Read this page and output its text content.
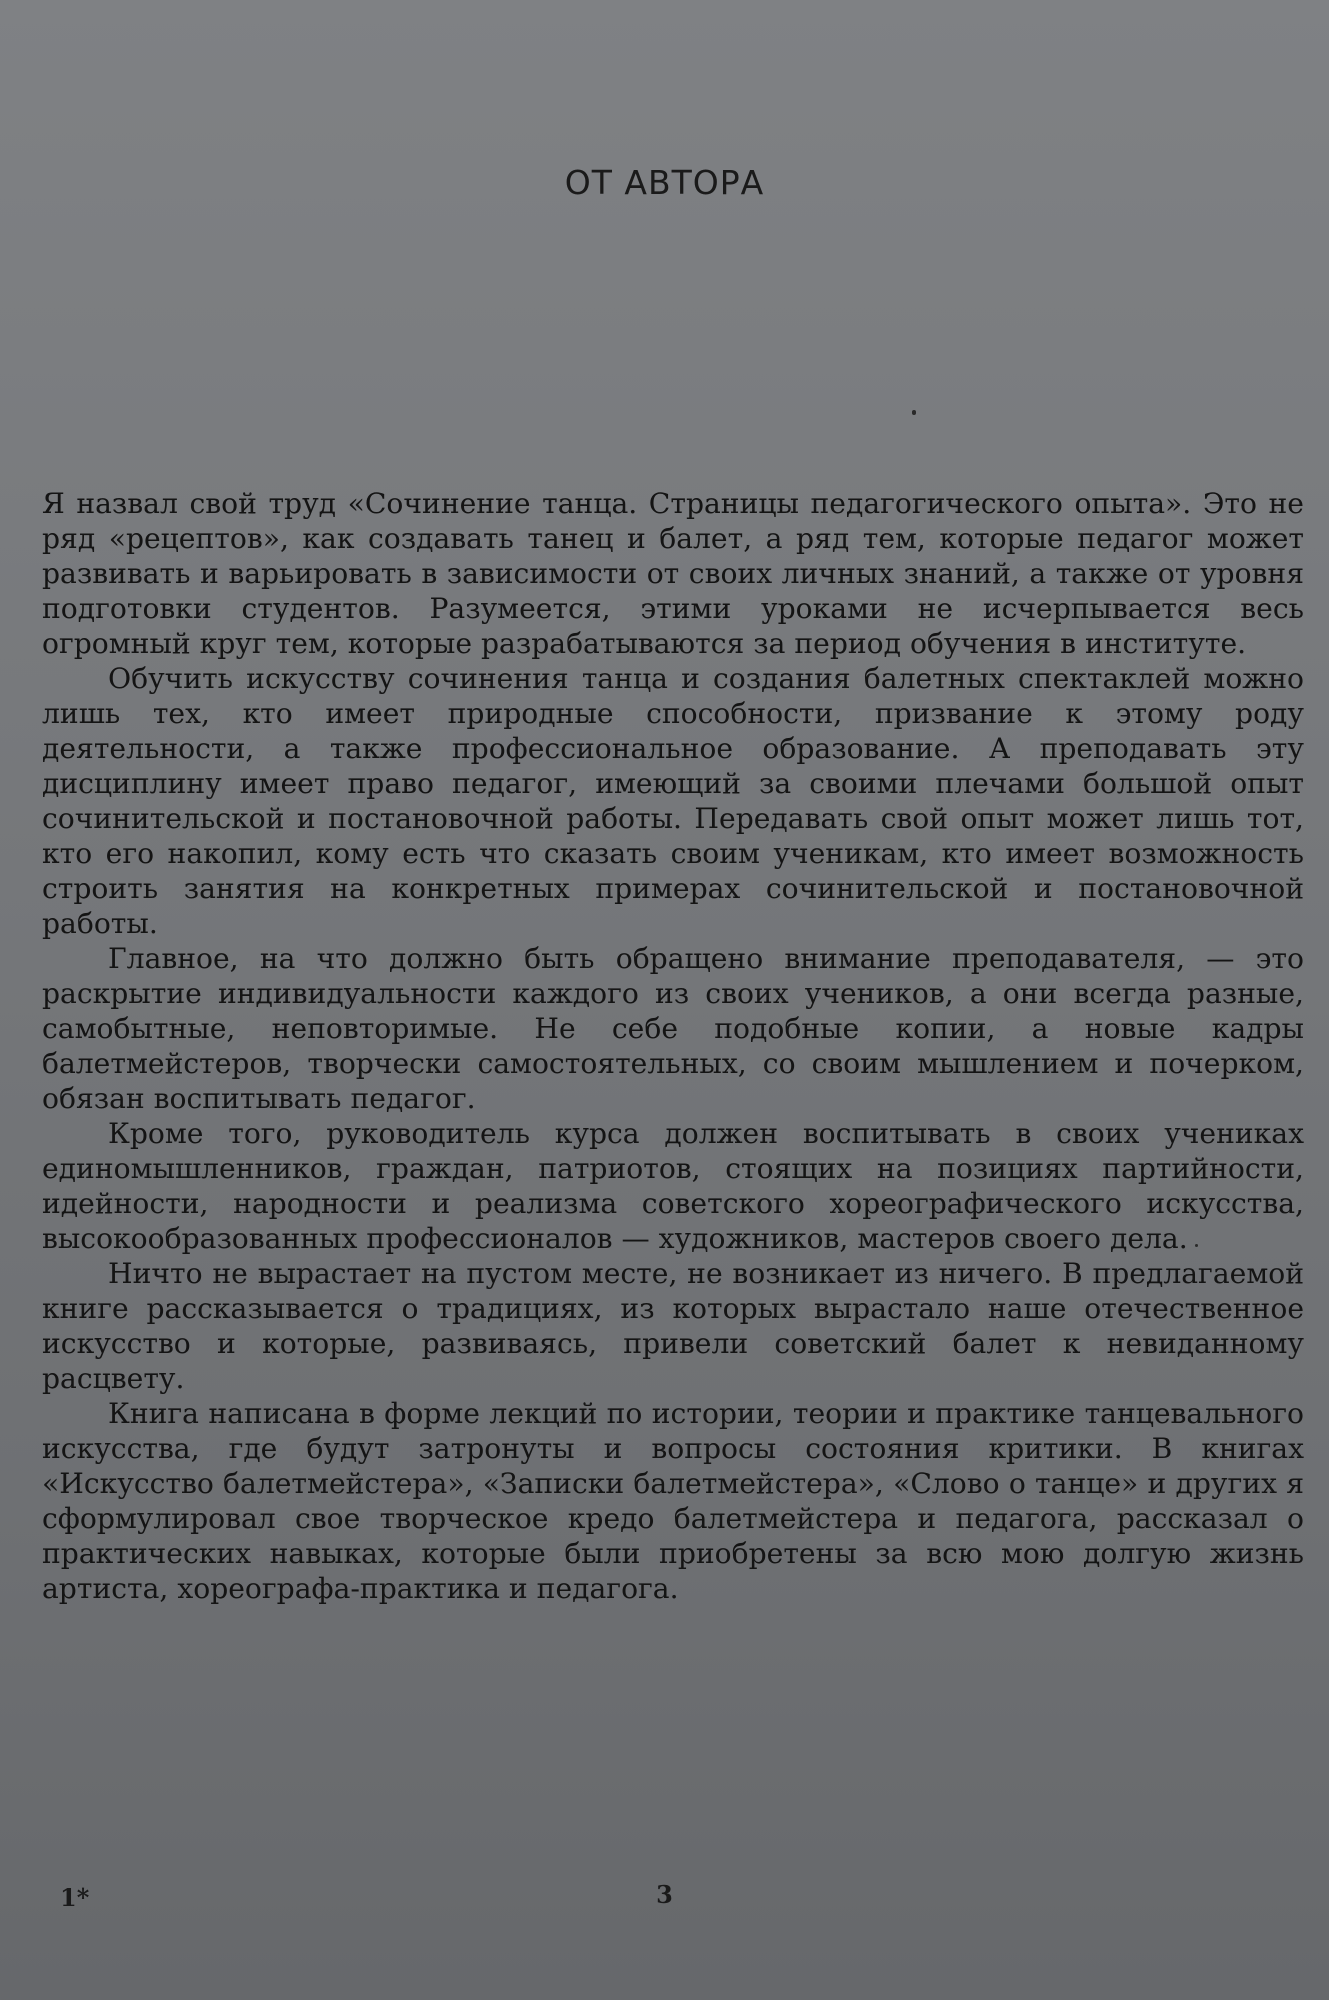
ОТ АВТОРА

Я назвал свой труд «Сочинение танца. Страницы педагогического опыта». Это не ряд «рецептов», как создавать танец и балет, а ряд тем, которые педагог может развивать и варьировать в зависимости от своих личных знаний, а также от уровня подготовки студентов. Разумеется, этими уроками не исчерпывается весь огромный круг тем, которые разрабатываются за период обучения в институте.

Обучить искусству сочинения танца и создания балетных спектаклей можно лишь тех, кто имеет природные способности, призвание к этому роду деятельности, а также профессиональное образование. А преподавать эту дисциплину имеет право педагог, имеющий за своими плечами большой опыт сочинительской и постановочной работы. Передавать свой опыт может лишь тот, кто его накопил, кому есть что сказать своим ученикам, кто имеет возможность строить занятия на конкретных примерах сочинительской и постановочной работы.

Главное, на что должно быть обращено внимание преподавателя, — это раскрытие индивидуальности каждого из своих учеников, а они всегда разные, самобытные, неповторимые. Не себе подобные копии, а новые кадры балетмейстеров, творчески самостоятельных, со своим мышлением и почерком, обязан воспитывать педагог.

Кроме того, руководитель курса должен воспитывать в своих учениках единомышленников, граждан, патриотов, стоящих на позициях партийности, идейности, народности и реализма советского хореографического искусства, высокообразованных профессионалов — художников, мастеров своего дела.

Ничто не вырастает на пустом месте, не возникает из ничего. В предлагаемой книге рассказывается о традициях, из которых вырастало наше отечественное искусство и которые, развиваясь, привели советский балет к невиданному расцвету.

Книга написана в форме лекций по истории, теории и практике танцевального искусства, где будут затронуты и вопросы состояния критики. В книгах «Искусство балетмейстера», «Записки балетмейстера», «Слово о танце» и других я сформулировал свое творческое кредо балетмейстера и педагога, рассказал о практических навыках, которые были приобретены за всю мою долгую жизнь артиста, хореографа-практика и педагога.

1*	3
